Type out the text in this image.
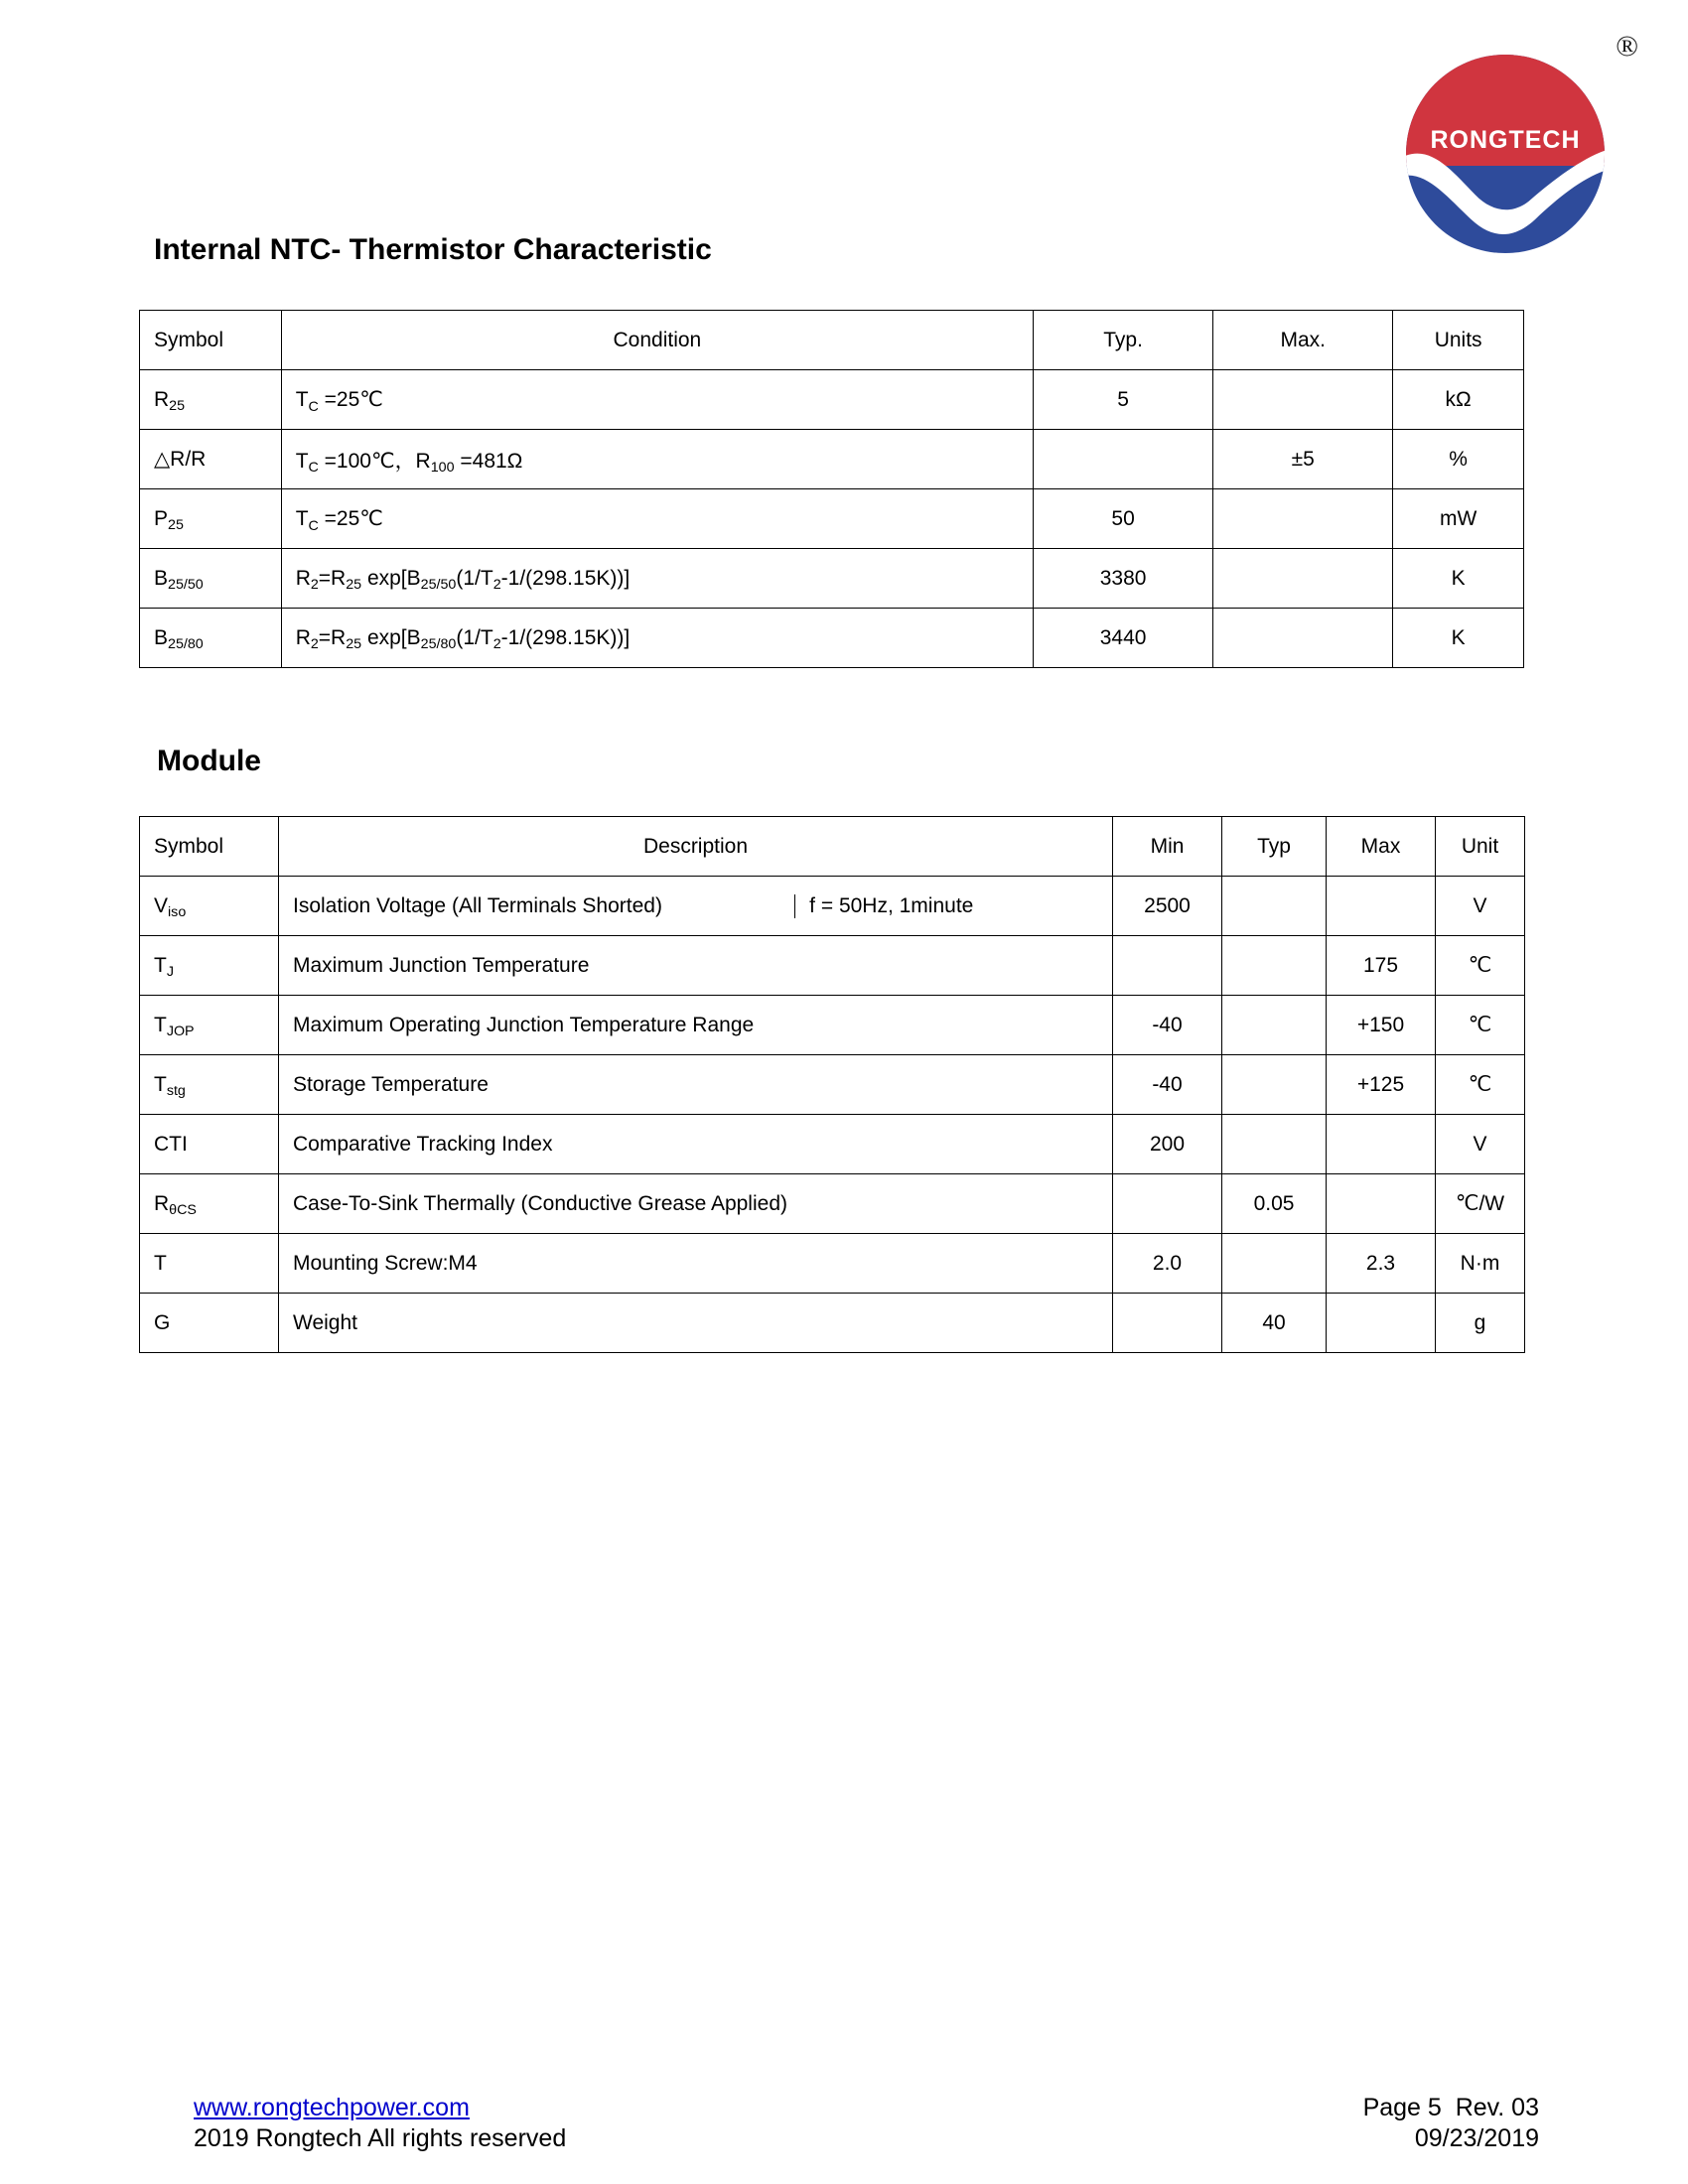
®
RONGTECH
Internal NTC- Thermistor Characteristic
Symbol	Condition	Typ.	Max.	Units
$R_{25}$	$T_C$ =25℃	5		kΩ
△R/R	$T_C$ =100℃，$R_{100} =481\Omega$		±5	%
$P_{25}$	$T_C$ =25℃	50		mW
$B_{25/50}$	$R_2=R_{25}$ $\exp[B_{25/50}(1/T_2-1/(298.15K))]$	3380		K
$B_{25/80}$	$R_2=R_{25}$ $\exp[B_{25/80}(1/T_2-1/(298.15K))]$	3440		K
Module
Symbol	Description	Min	Typ	Max	Unit
$V_{iso}$	Isolation Voltage (All Terminals Shorted) f = 50Hz, 1minute	2500			V
$T_J$	Maximum Junction Temperature			175	℃
$T_{JOP}$	Maximum Operating Junction Temperature Range	-40		+150	℃
$T_{stg}$	Storage Temperature	-40		+125	℃
CTI	Comparative Tracking Index	200			V
$R_{\theta CS}$	Case-To-Sink Thermally (Conductive Grease Applied)		0.05		℃/W
T	Mounting Screw:M4	2.0		2.3	N·m
G	Weight		40		g
www.rongtechpower.com
2019 Rongtech All rights reserved
Page 5  Rev. 03
09/23/2019
